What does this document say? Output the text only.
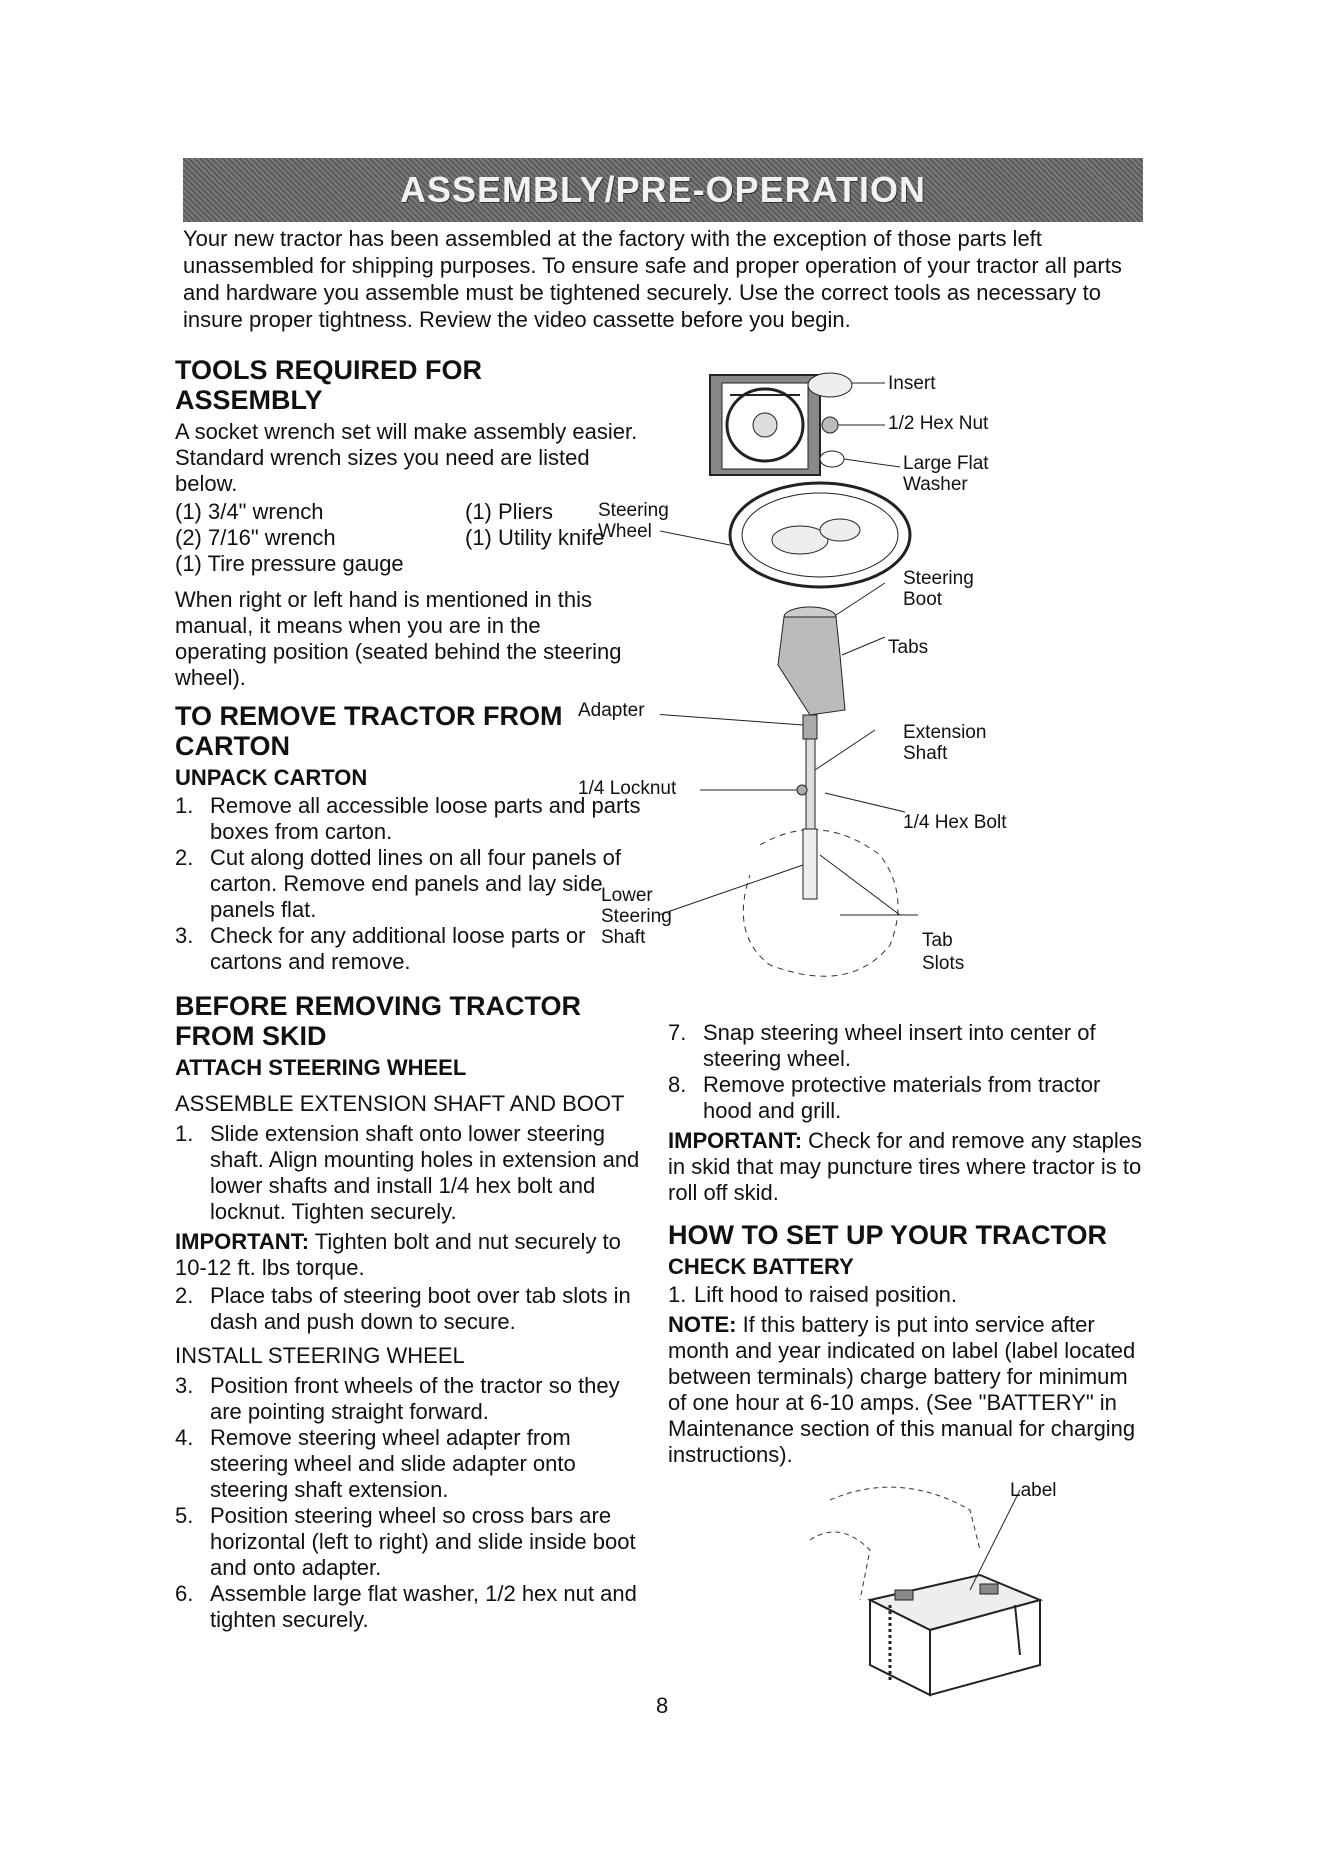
ASSEMBLY/PRE-OPERATION

Your new tractor has been assembled at the factory with the exception of those parts left unassembled for shipping purposes. To ensure safe and proper operation of your tractor all parts and hardware you assemble must be tightened securely. Use the correct tools as necessary to insure proper tightness. Review the video cassette before you begin.

TOOLS REQUIRED FOR ASSEMBLY

A socket wrench set will make assembly easier. Standard wrench sizes you need are listed below.

(1) 3/4" wrench	(1) Pliers
(2) 7/16" wrench	(1) Utility knife
(1) Tire pressure gauge

When right or left hand is mentioned in this manual, it means when you are in the operating position (seated behind the steering wheel).

TO REMOVE TRACTOR FROM CARTON
UNPACK CARTON
1. Remove all accessible loose parts and parts boxes from carton.
2. Cut along dotted lines on all four panels of carton. Remove end panels and lay side panels flat.
3. Check for any additional loose parts or cartons and remove.
BEFORE REMOVING TRACTOR FROM SKID
ATTACH STEERING WHEEL

ASSEMBLE EXTENSION SHAFT AND BOOT

1. Slide extension shaft onto lower steering shaft. Align mounting holes in extension and lower shafts and install 1/4 hex bolt and locknut. Tighten securely.

IMPORTANT: Tighten bolt and nut securely to 10-12 ft. lbs torque.

2. Place tabs of steering boot over tab slots in dash and push down to secure.

INSTALL STEERING WHEEL

3. Position front wheels of the tractor so they are pointing straight forward.
4. Remove steering wheel adapter from steering wheel and slide adapter onto steering shaft extension.
5. Position steering wheel so cross bars are horizontal (left to right) and slide inside boot and onto adapter.
6. Assemble large flat washer, 1/2 hex nut and tighten securely.
Insert
1/2 Hex Nut
Large Flat
Washer
Steering
Wheel
Steering
Boot
Tabs
Adapter
Extension
Shaft
1/4 Locknut
1/4 Hex Bolt
Lower
Steering
Shaft	Tab
Slots
7. Snap steering wheel insert into center of steering wheel.
8. Remove protective materials from tractor hood and grill.

IMPORTANT: Check for and remove any staples in skid that may puncture tires where tractor is to roll off skid.

HOW TO SET UP YOUR TRACTOR
CHECK BATTERY
1. Lift hood to raised position.

NOTE: If this battery is put into service after month and year indicated on label (label located between terminals) charge battery for minimum of one hour at 6-10 amps. (See "BATTERY" in Maintenance section of this manual for charging instructions).

Label
8
